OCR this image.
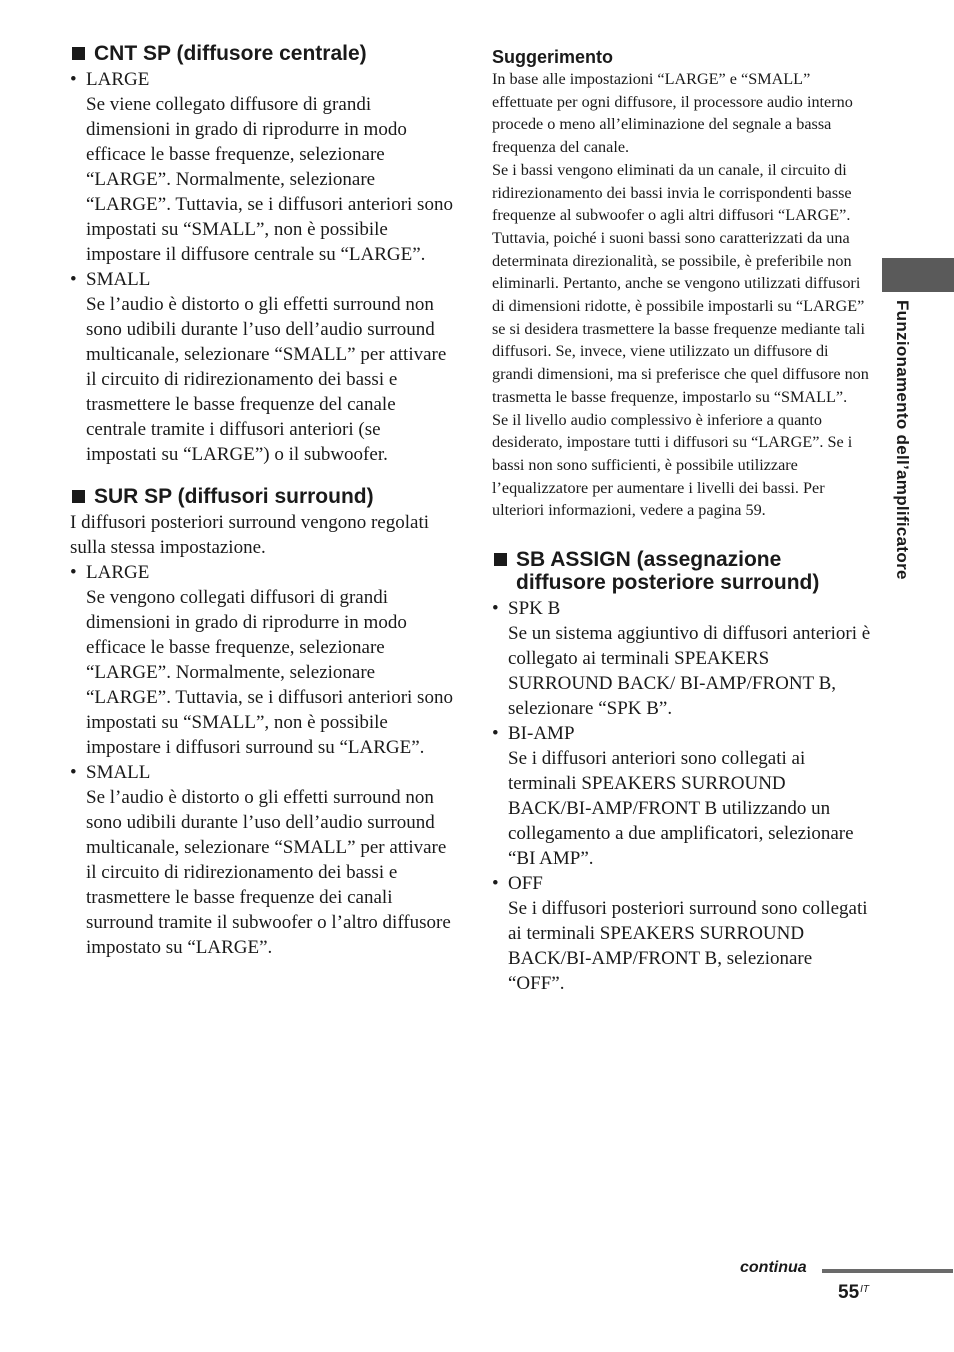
CNT SP (diffusore centrale)
• LARGE

Se viene collegato diffusore di grandi dimensioni in grado di riprodurre in modo efficace le basse frequenze, selezionare “LARGE”. Normalmente, selezionare “LARGE”. Tuttavia, se i diffusori anteriori sono impostati su “SMALL”, non è possibile impostare il diffusore centrale su “LARGE”.

• SMALL

Se l’audio è distorto o gli effetti surround non sono udibili durante l’uso dell’audio surround multicanale, selezionare “SMALL” per attivare il circuito di ridirezionamento dei bassi e trasmettere le basse frequenze del canale centrale tramite i diffusori anteriori (se impostati su “LARGE”) o il subwoofer.

SUR SP (diffusori surround)

I diffusori posteriori surround vengono regolati sulla stessa impostazione.

• LARGE

Se vengono collegati diffusori di grandi dimensioni in grado di riprodurre in modo efficace le basse frequenze, selezionare “LARGE”. Normalmente, selezionare “LARGE”. Tuttavia, se i diffusori anteriori sono impostati su “SMALL”, non è possibile impostare i diffusori surround su “LARGE”.

• SMALL

Se l’audio è distorto o gli effetti surround non sono udibili durante l’uso dell’audio surround multicanale, selezionare “SMALL” per attivare il circuito di ridirezionamento dei bassi e trasmettere le basse frequenze dei canali surround tramite il subwoofer o l’altro diffusore impostato su “LARGE”.

Suggerimento

In base alle impostazioni “LARGE” e “SMALL” effettuate per ogni diffusore, il processore audio interno procede o meno all’eliminazione del segnale a bassa frequenza del canale.

Se i bassi vengono eliminati da un canale, il circuito di ridirezionamento dei bassi invia le corrispondenti basse frequenze al subwoofer o agli altri diffusori “LARGE”.

Tuttavia, poiché i suoni bassi sono caratterizzati da una determinata direzionalità, se possibile, è preferibile non eliminarli. Pertanto, anche se vengono utilizzati diffusori di dimensioni ridotte, è possibile impostarli su “LARGE” se si desidera trasmettere la basse frequenze mediante tali diffusori. Se, invece, viene utilizzato un diffusore di grandi dimensioni, ma si preferisce che quel diffusore non trasmetta le basse frequenze, impostarlo su “SMALL”.

Se il livello audio complessivo è inferiore a quanto desiderato, impostare tutti i diffusori su “LARGE”. Se i bassi non sono sufficienti, è possibile utilizzare l’equalizzatore per aumentare i livelli dei bassi. Per ulteriori informazioni, vedere a pagina 59.

SB ASSIGN (assegnazione diffusore posteriore surround)
• SPK B

Se un sistema aggiuntivo di diffusori anteriori è collegato ai terminali SPEAKERS SURROUND BACK/ BI-AMP/FRONT B, selezionare “SPK B”.

• BI-AMP

Se i diffusori anteriori sono collegati ai terminali SPEAKERS SURROUND BACK/BI-AMP/FRONT B utilizzando un collegamento a due amplificatori, selezionare “BI AMP”.

• OFF

Se i diffusori posteriori surround sono collegati ai terminali SPEAKERS SURROUND BACK/BI-AMP/FRONT B, selezionare “OFF”.

Funzionamento dell’amplificatore
continua
$55^{IT}$
